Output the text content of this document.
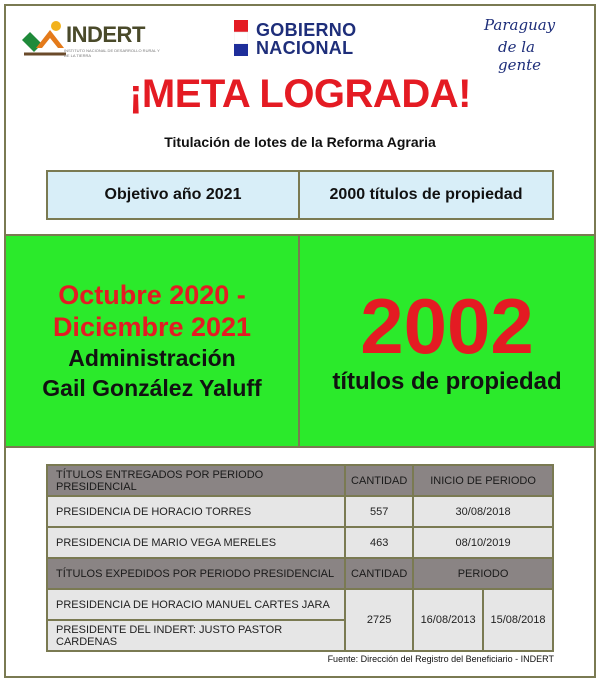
INDERT
INSTITUTO NACIONAL DE DESARROLLO RURAL Y DE LA TIERRA
GOBIERNO
NACIONAL
Paraguay
de la gente
¡META LOGRADA!
Titulación de lotes de la Reforma Agraria
Objetivo año 2021	2000 títulos de propiedad
Octubre 2020 -
Diciembre 2021
Administración
Gail González Yaluff
2002
títulos de propiedad
TÍTULOS ENTREGADOS POR PERIODO PRESIDENCIAL	CANTIDAD	INICIO DE PERIODO	
PRESIDENCIA DE HORACIO TORRES	557	30/08/2018	
PRESIDENCIA DE MARIO VEGA MERELES	463	08/10/2019	
TÍTULOS EXPEDIDOS POR PERIODO PRESIDENCIAL	CANTIDAD	PERIODO	
PRESIDENCIA DE HORACIO MANUEL CARTES JARA	2725	16/08/2013	15/08/2018
PRESIDENTE DEL INDERT: JUSTO PASTOR CARDENAS			
Fuente: Dirección del Registro del Beneficiario - INDERT
